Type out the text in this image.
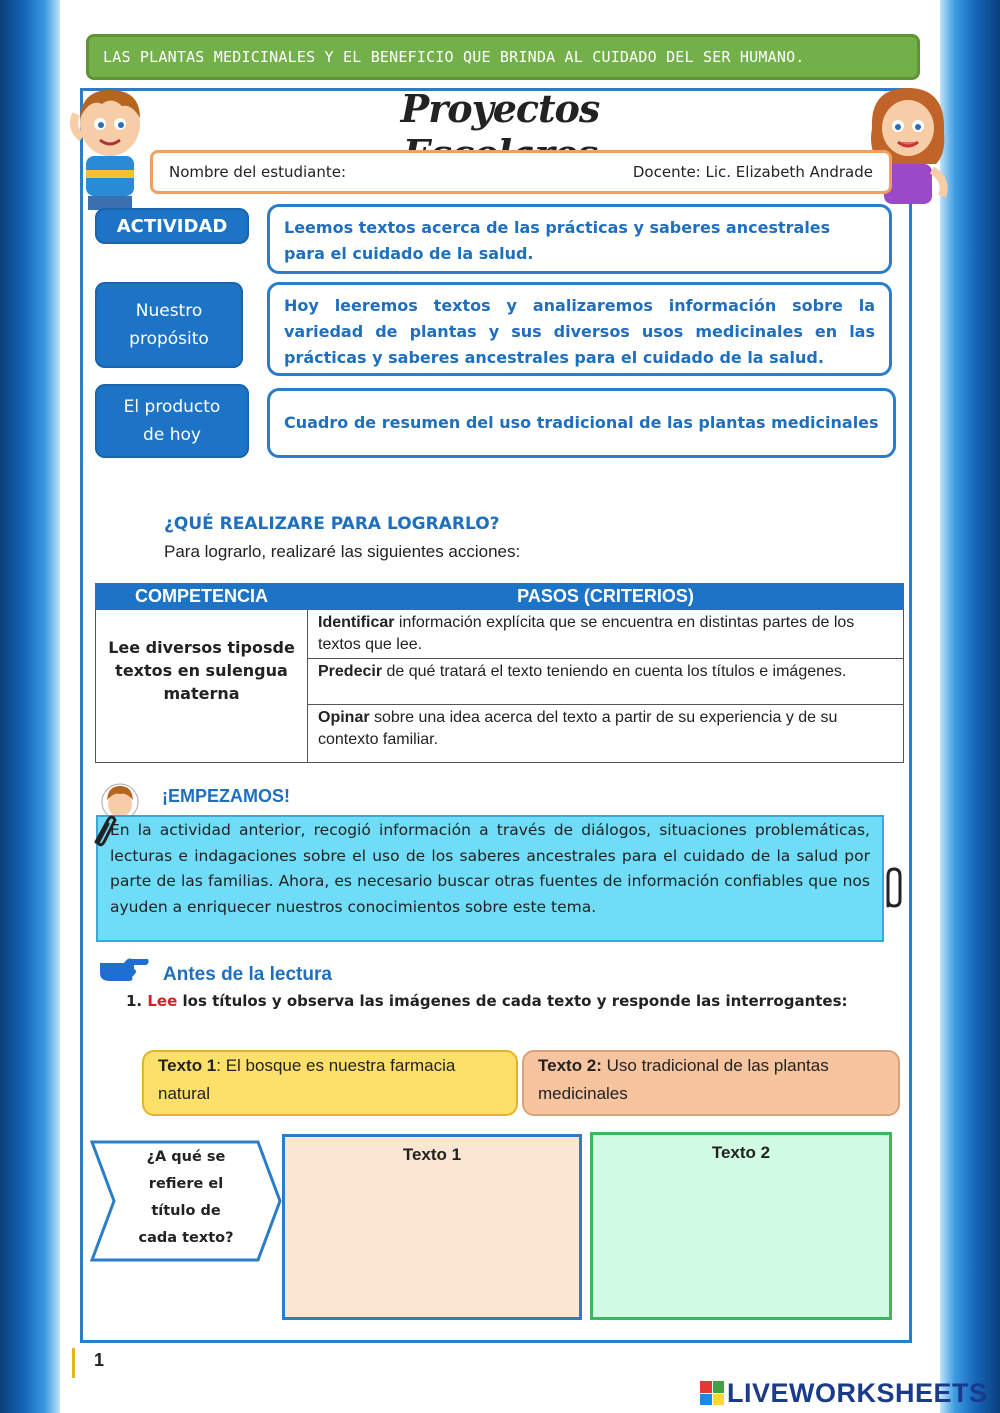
LAS PLANTAS MEDICINALES Y EL BENEFICIO QUE BRINDA AL CUIDADO DEL SER HUMANO.
Proyectos
Nombre del estudiante:	Docente: Lic. Elizabeth Andrade
ACTIVIDAD	Leemos textos acerca de las prácticas y saberes ancestrales para el cuidado de la salud.
Nuestro
propósito
Hoy leeremos textos y analizaremos información sobre la variedad de plantas y sus diversos usos medicinales en las prácticas y saberes ancestrales para el cuidado de la salud.
El producto
de hoy
Cuadro de resumen del uso tradicional de las plantas medicinales
¿QUÉ REALIZARE PARA LOGRARLO?
Para lograrlo, realizaré las siguientes acciones:
COMPETENCIA	PASOS (CRITERIOS)

Lee diversos tiposde
textos en sulengua
materna	Identificar información explícita que se encuentra en distintas partes de los textos que lee.
	Predecir de qué tratará el texto teniendo en cuenta los títulos e imágenes.
	Opinar sobre una idea acerca del texto a partir de su experiencia y de su contexto familiar.
¡EMPEZAMOS!
En la actividad anterior, recogió información a través de diálogos, situaciones problemáticas, lecturas e indagaciones sobre el uso de los saberes ancestrales para el cuidado de la salud por parte de las familias. Ahora, es necesario buscar otras fuentes de información confiables que nos ayuden a enriquecer nuestros conocimientos sobre este tema.
Antes de la lectura
1. Lee los títulos y observa las imágenes de cada texto y responde las interrogantes:
Texto 1: El bosque es nuestra farmacia natural
Texto 2: Uso tradicional de las plantas medicinales
¿A qué se
refiere el
título de
cada texto?
Texto 1	Texto 2
1
LIVEWORKSHEETS
